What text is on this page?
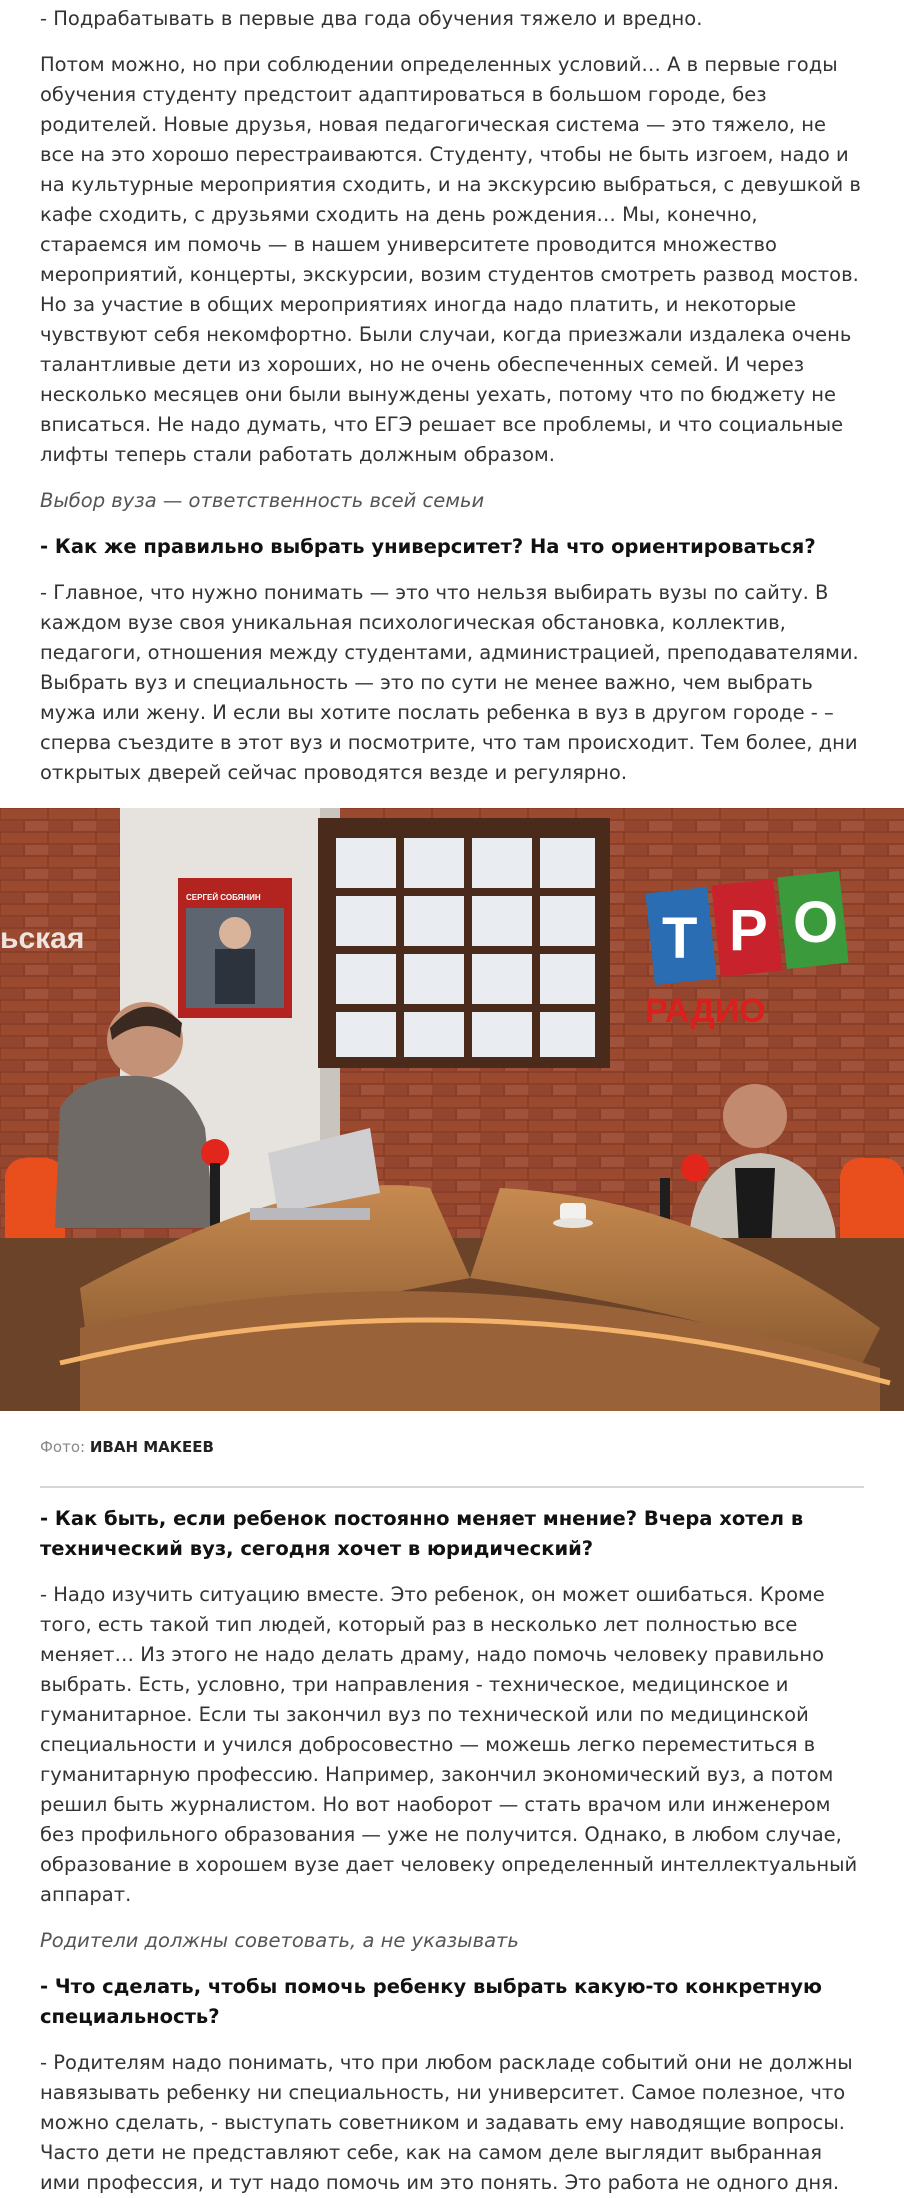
- Подрабатывать в первые два года обучения тяжело и вредно.

Потом можно, но при соблюдении определенных условий… А в первые годы обучения студенту предстоит адаптироваться в большом городе, без родителей. Новые друзья, новая педагогическая система — это тяжело, не все на это хорошо перестраиваются. Студенту, чтобы не быть изгоем, надо и на культурные мероприятия сходить, и на экскурсию выбраться, с девушкой в кафе сходить, с друзьями сходить на день рождения… Мы, конечно, стараемся им помочь — в нашем университете проводится множество мероприятий, концерты, экскурсии, возим студентов смотреть развод мостов. Но за участие в общих мероприятиях иногда надо платить, и некоторые чувствуют себя некомфортно. Были случаи, когда приезжали издалека очень талантливые дети из хороших, но не очень обеспеченных семей. И через несколько месяцев они были вынуждены уехать, потому что по бюджету не вписаться. Не надо думать, что ЕГЭ решает все проблемы, и что социальные лифты теперь стали работать должным образом.

Выбор вуза — ответственность всей семьи

- Как же правильно выбрать университет? На что ориентироваться?

- Главное, что нужно понимать — это что нельзя выбирать вузы по сайту. В каждом вузе своя уникальная психологическая обстановка, коллектив, педагоги, отношения между студентами, администрацией, преподавателями. Выбрать вуз и специальность — это по сути не менее важно, чем выбрать мужа или жену. И если вы хотите послать ребенка в вуз в другом городе - – сперва съездите в этот вуз и посмотрите, что там происходит. Тем более, дни открытых дверей сейчас проводятся везде и регулярно.

ьская
СЕРГЕЙ СОБЯНИН
Т Р О
РАДИО
Фото: ИВАН МАКЕЕВ

- Как быть, если ребенок постоянно меняет мнение? Вчера хотел в технический вуз, сегодня хочет в юридический?

- Надо изучить ситуацию вместе. Это ребенок, он может ошибаться. Кроме того, есть такой тип людей, который раз в несколько лет полностью все меняет… Из этого не надо делать драму, надо помочь человеку правильно выбрать. Есть, условно, три направления - техническое, медицинское и гуманитарное. Если ты закончил вуз по технической или по медицинской специальности и учился добросовестно — можешь легко переместиться в гуманитарную профессию. Например, закончил экономический вуз, а потом решил быть журналистом. Но вот наоборот — стать врачом или инженером без профильного образования — уже не получится. Однако, в любом случае, образование в хорошем вузе дает человеку определенный интеллектуальный аппарат.

Родители должны советовать, а не указывать

- Что сделать, чтобы помочь ребенку выбрать какую-то конкретную специальность?

- Родителям надо понимать, что при любом раскладе событий они не должны навязывать ребенку ни специальность, ни университет. Самое полезное, что можно сделать, - выступать советником и задавать ему наводящие вопросы. Часто дети не представляют себе, как на самом деле выглядит выбранная ими профессия, и тут надо помочь им это понять. Это работа не одного дня.
